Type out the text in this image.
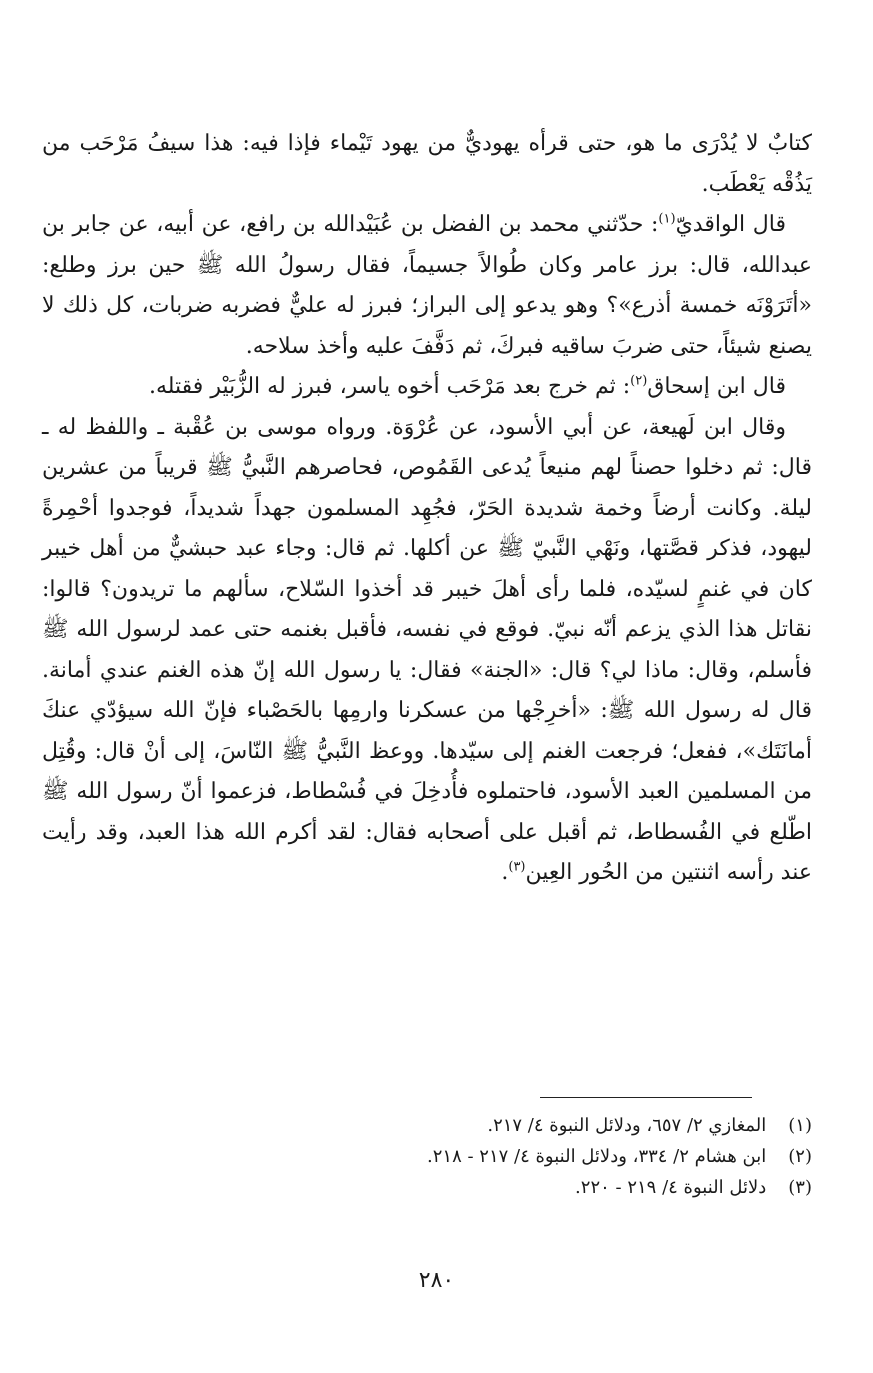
كتابٌ لا يُدْرَى ما هو، حتى قرأه يهوديٌّ من يهود تَيْماء فإذا فيه: هذا سيفُ مَرْحَب من يَذُقْه يَعْطَب.

قال الواقديّ$^{(١)}$: حدّثني محمد بن الفضل بن عُبَيْدالله بن رافع، عن أبيه، عن جابر بن عبدالله، قال: برز عامر وكان طُوالاً جسيماً، فقال رسولُ الله ﷺ حين برز وطلع: «أتَرَوْنَه خمسة أذرع»؟ وهو يدعو إلى البراز؛ فبرز له عليٌّ فضربه ضربات، كل ذلك لا يصنع شيئاً، حتى ضربَ ساقيه فبركَ، ثم دَفَّفَ عليه وأخذ سلاحه.

قال ابن إسحاق$^{(٢)}$: ثم خرج بعد مَرْحَب أخوه ياسر، فبرز له الزُّبَيْر فقتله.

وقال ابن لَهيعة، عن أبي الأسود، عن عُرْوَة. ورواه موسى بن عُقْبة ـ واللفظ له ـ قال: ثم دخلوا حصناً لهم منيعاً يُدعى القَمُوص، فحاصرهم النَّبيُّ ﷺ قريباً من عشرين ليلة. وكانت أرضاً وخمة شديدة الحَرّ، فجُهِد المسلمون جهداً شديداً، فوجدوا أحْمِرةً ليهود، فذكر قصَّتها، ونَهْي النَّبيّ ﷺ عن أكلها. ثم قال: وجاء عبد حبشيٌّ من أهل خيبر كان في غنمٍ لسيّده، فلما رأى أهلَ خيبر قد أخذوا السّلاح، سألهم ما تريدون؟ قالوا: نقاتل هذا الذي يزعم أنّه نبيّ. فوقع في نفسه، فأقبل بغنمه حتى عمد لرسول الله ﷺ فأسلم، وقال: ماذا لي؟ قال: «الجنة» فقال: يا رسول الله إنّ هذه الغنم عندي أمانة. قال له رسول الله ﷺ: «أخرِجْها من عسكرنا وارمِها بالحَصْباء فإنّ الله سيؤدّي عنكَ أمانَتَك»، ففعل؛ فرجعت الغنم إلى سيّدها. ووعظ النَّبيُّ ﷺ النّاسَ، إلى أنْ قال: وقُتِل من المسلمين العبد الأسود، فاحتملوه فأُدخِلَ في فُسْطاط، فزعموا أنّ رسول الله ﷺ اطّلع في الفُسطاط، ثم أقبل على أصحابه فقال: لقد أكرم الله هذا العبد، وقد رأيت عند رأسه اثنتين من الحُور العِين$^{(٣)}$.

(١) المغازي ٢/ ٦٥٧، ودلائل النبوة ٤/ ٢١٧.

(٢) ابن هشام ٢/ ٣٣٤، ودلائل النبوة ٤/ ٢١٧ - ٢١٨.

(٣) دلائل النبوة ٤/ ٢١٩ - ٢٢٠.

٢٨٠
